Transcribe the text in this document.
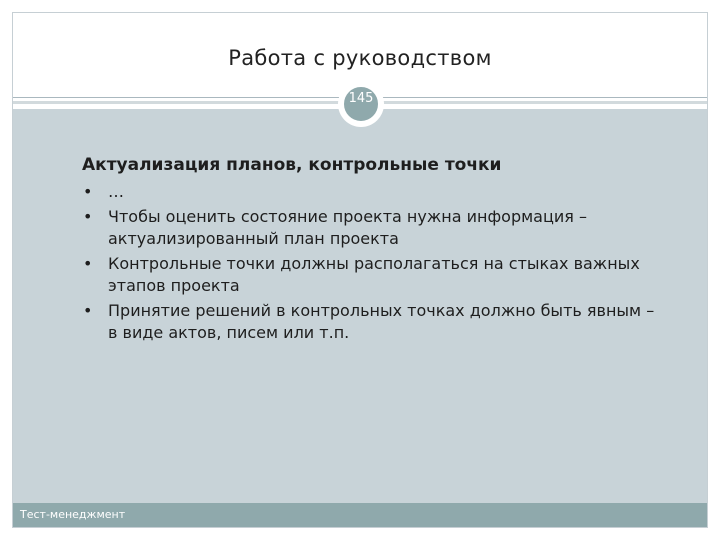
Работа с руководством
145
Актуализация планов, контрольные точки
• …
• Чтобы оценить состояние проекта нужна информация – актуализированный план проекта
• Контрольные точки должны располагаться на стыках важных этапов проекта
• Принятие решений в контрольных точках должно быть явным – в виде актов, писем или т.п.
Тест-менеджмент
